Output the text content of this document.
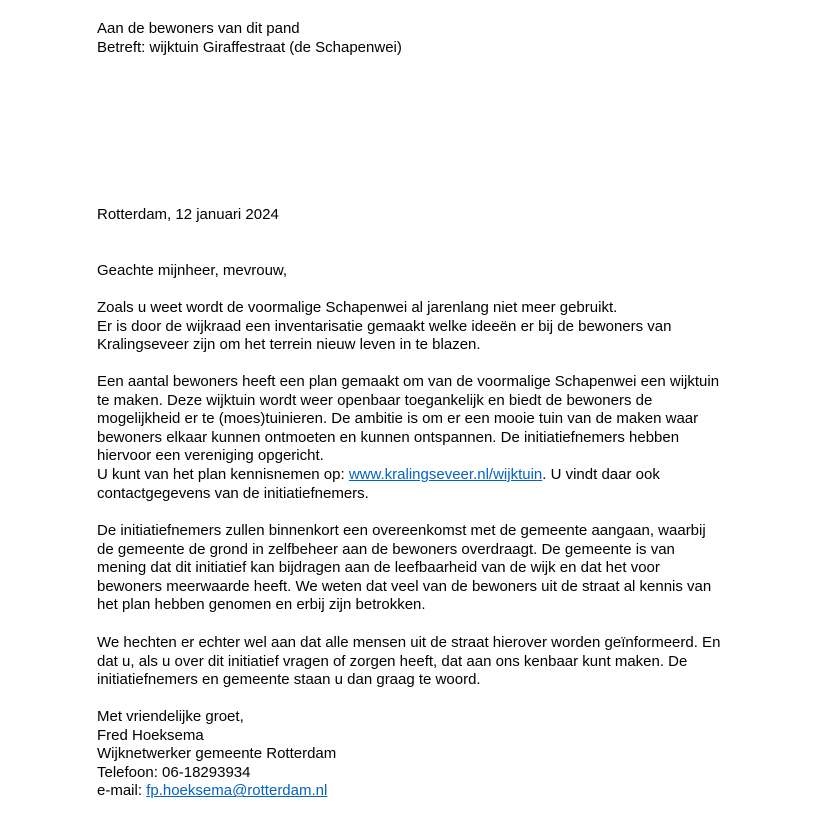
Aan de bewoners van dit pand
Betreft: wijktuin Giraffestraat (de Schapenwei)
Rotterdam, 12 januari 2024
Geachte mijnheer, mevrouw,
Zoals u weet wordt de voormalige Schapenwei al jarenlang niet meer gebruikt.
Er is door de wijkraad een inventarisatie gemaakt welke ideeën er bij de bewoners van
Kralingseveer zijn om het terrein nieuw leven in te blazen.
Een aantal bewoners heeft een plan gemaakt om van de voormalige Schapenwei een wijktuin
te maken. Deze wijktuin wordt weer openbaar toegankelijk en biedt de bewoners de
mogelijkheid er te (moes)tuinieren. De ambitie is om er een mooie tuin van de maken waar
bewoners elkaar kunnen ontmoeten en kunnen ontspannen. De initiatiefnemers hebben
hiervoor een vereniging opgericht.
U kunt van het plan kennisnemen op: www.kralingseveer.nl/wijktuin. U vindt daar ook
contactgegevens van de initiatiefnemers.
De initiatiefnemers zullen binnenkort een overeenkomst met de gemeente aangaan, waarbij
de gemeente de grond in zelfbeheer aan de bewoners overdraagt. De gemeente is van
mening dat dit initiatief kan bijdragen aan de leefbaarheid van de wijk en dat het voor
bewoners meerwaarde heeft. We weten dat veel van de bewoners uit de straat al kennis van
het plan hebben genomen en erbij zijn betrokken.
We hechten er echter wel aan dat alle mensen uit de straat hierover worden geïnformeerd. En
dat u, als u over dit initiatief vragen of zorgen heeft, dat aan ons kenbaar kunt maken. De
initiatiefnemers en gemeente staan u dan graag te woord.
Met vriendelijke groet,
Fred Hoeksema
Wijknetwerker gemeente Rotterdam
Telefoon: 06-18293934
e-mail: fp.hoeksema@rotterdam.nl
